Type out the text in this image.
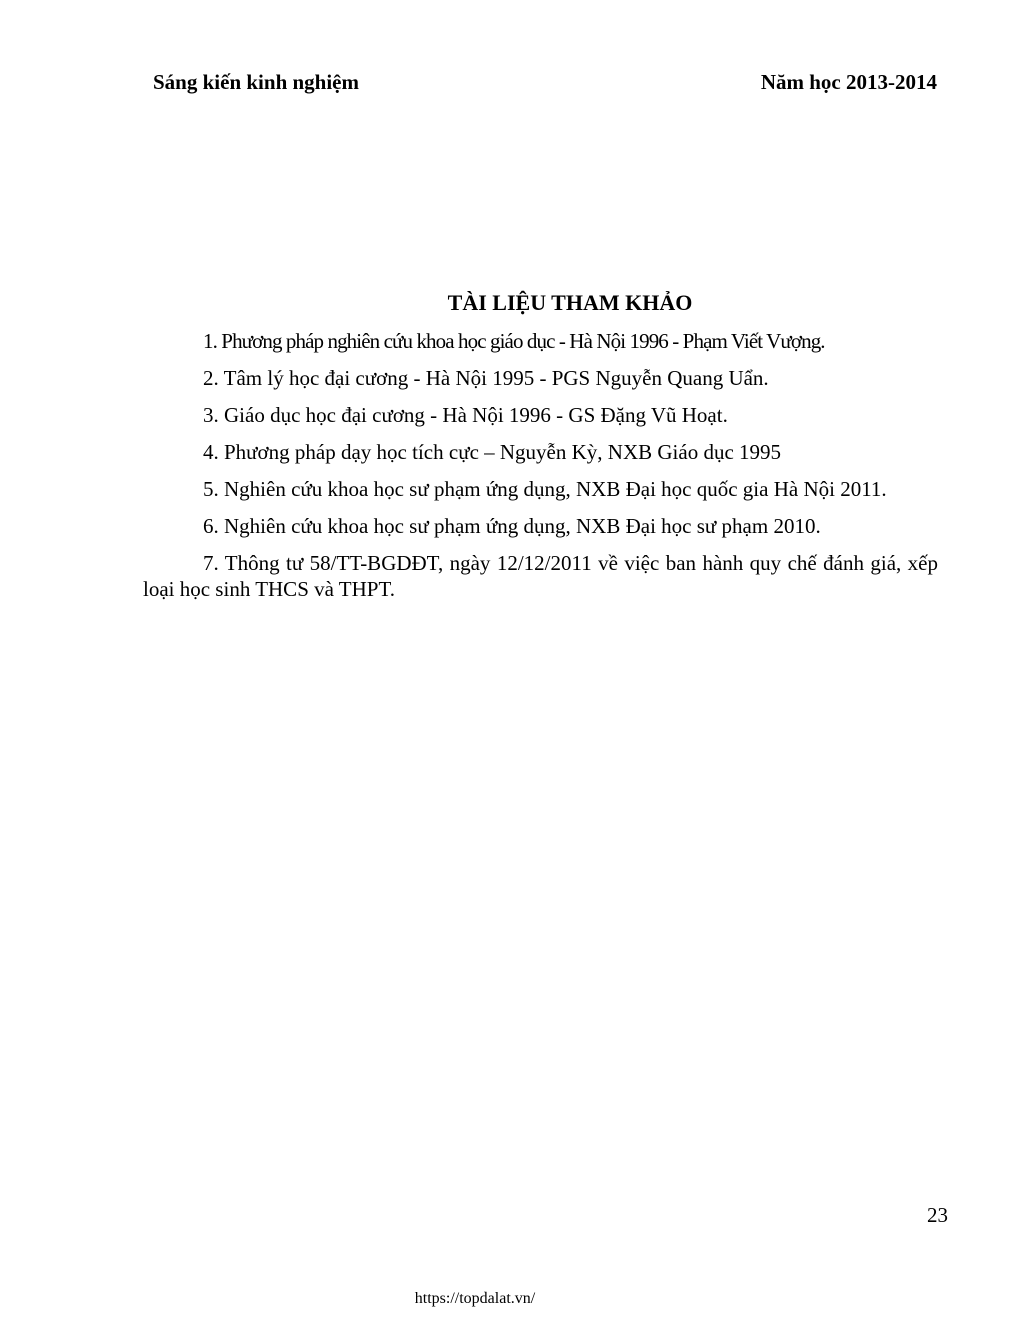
Sáng kiến kinh nghiệm	Năm học 2013-2014
TÀI LIỆU THAM KHẢO
1. Phương pháp nghiên cứu khoa học giáo dục - Hà Nội 1996 - Phạm Viết Vượng.
2. Tâm lý học đại cương - Hà Nội 1995 - PGS Nguyễn Quang Uẩn.
3. Giáo dục học đại cương - Hà Nội 1996 - GS Đặng Vũ Hoạt.
4. Phương pháp dạy học tích cực – Nguyễn Kỳ, NXB Giáo dục 1995
5. Nghiên cứu khoa học sư phạm ứng dụng, NXB Đại học quốc gia Hà Nội 2011.
6. Nghiên cứu khoa học sư phạm ứng dụng, NXB Đại học sư phạm 2010.
7. Thông tư 58/TT-BGDĐT, ngày 12/12/2011 về việc ban hành quy chế đánh giá, xếp loại học sinh THCS và THPT.
23
https://topdalat.vn/
